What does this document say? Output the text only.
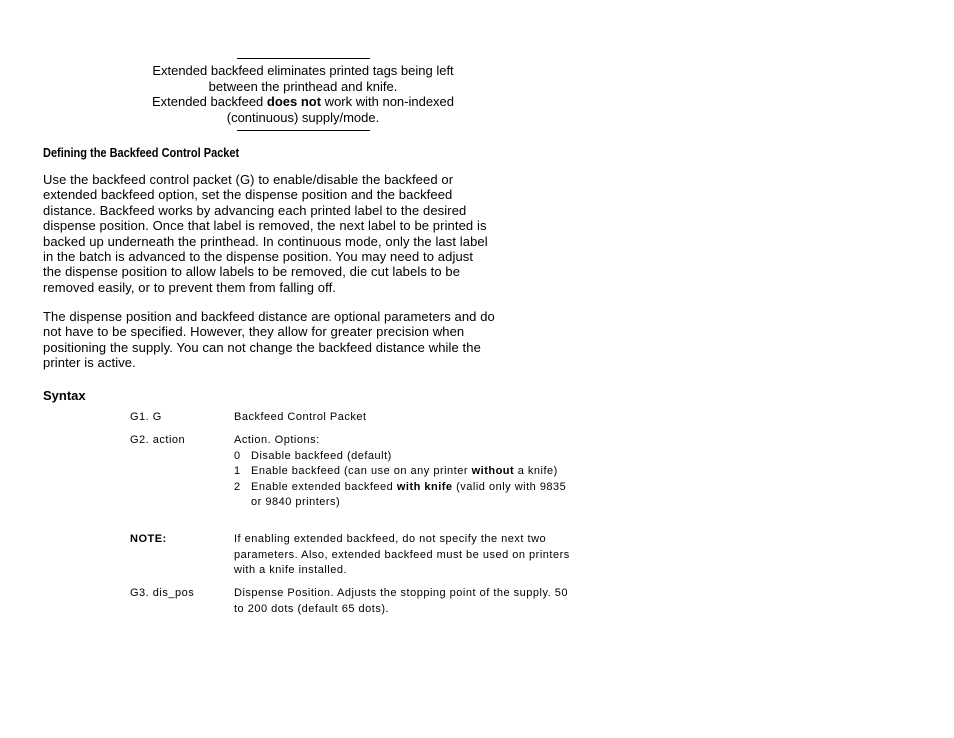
Extended backfeed eliminates printed tags being left

between the printhead and knife.

Extended backfeed does not work with non-indexed

(continuous) supply/mode.

Defining the Backfeed Control Packet

Use the backfeed control packet (G) to enable/disable the backfeed or
extended backfeed option, set the dispense position and the backfeed
distance. Backfeed works by advancing each printed label to the desired
dispense position. Once that label is removed, the next label to be printed is
backed up underneath the printhead. In continuous mode, only the last label
in the batch is advanced to the dispense position. You may need to adjust
the dispense position to allow labels to be removed, die cut labels to be
removed easily, or to prevent them from falling off.

The dispense position and backfeed distance are optional parameters and do
not have to be specified. However, they allow for greater precision when
positioning the supply. You can not change the backfeed distance while the
printer is active.

Syntax
G1. G	Backfeed Control Packet
G2. action	Action. Options:
0 Disable backfeed (default)
1 Enable backfeed (can use on any printer without a knife)
2 Enable extended backfeed with knife (valid only with 9835 or 9840 printers)
NOTE:	If enabling extended backfeed, do not specify the next two parameters. Also, extended backfeed must be used on printers with a knife installed.
G3. dis_pos	Dispense Position. Adjusts the stopping point of the supply. 50 to 200 dots (default 65 dots).
